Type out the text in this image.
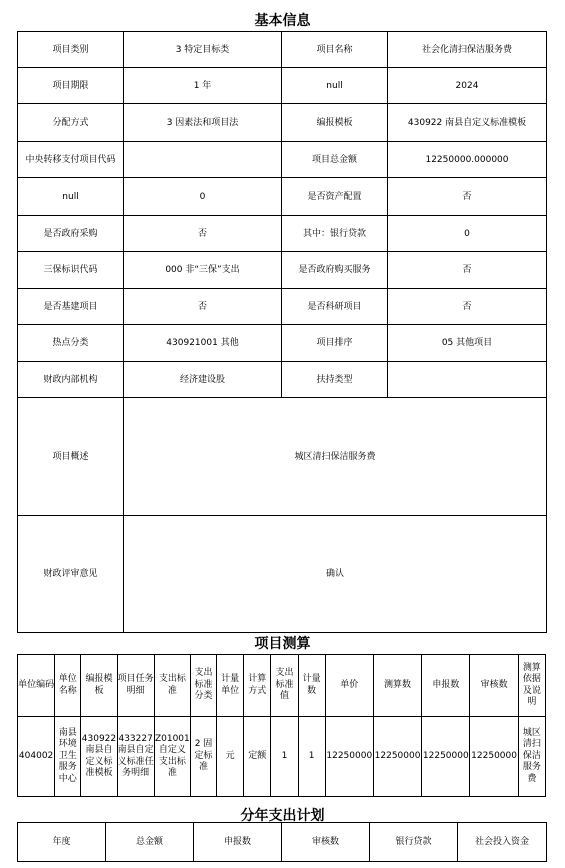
基本信息
项目类别	3 特定目标类	项目名称	社会化清扫保洁服务费
项目期限	1 年	null	2024
分配方式	3 因素法和项目法	编报模板	430922 南县自定义标准模板
中央转移支付项目代码		项目总金额	12250000.000000
null	0	是否资产配置	否
是否政府采购	否	其中：银行贷款	0
三保标识代码	000 非“三保”支出	是否政府购买服务	否
是否基建项目	否	是否科研项目	否
热点分类	430921001 其他	项目排序	05 其他项目
财政内部机构	经济建设股	扶持类型	
项目概述	城区清扫保洁服务费		
财政评审意见	确认		
项目测算
单位编码	单位名称	编报模板	项目任务明细	支出标准	支出标准分类	计量单位	计算方式	支出标准值	计量数	单价	测算数	申报数	审核数	测算依据及说明
404002	南县环境卫生服务中心	430922南县自定义标准模板	433227南县自定义标准任务明细	Z01001自定义支出标准	2 固定标准	元	定额	1	1	12250000	12250000	12250000	12250000	城区清扫保洁服务费
分年支出计划
年度	总金额	申报数	审核数	银行贷款	社会投入资金
